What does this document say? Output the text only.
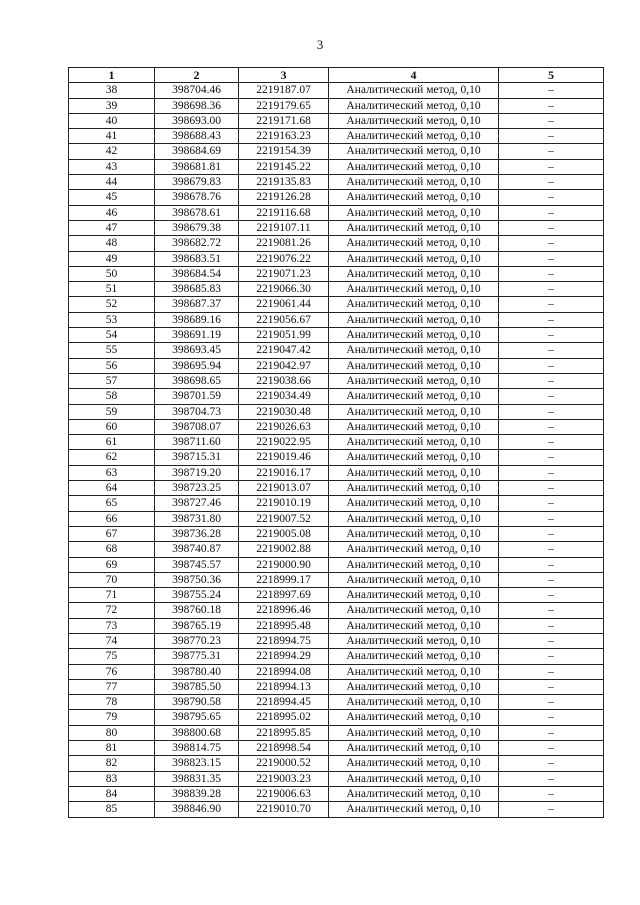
3
1	2	3	4	5
38	398704.46	2219187.07	Аналитический метод, 0,10	–
39	398698.36	2219179.65	Аналитический метод, 0,10	–
40	398693.00	2219171.68	Аналитический метод, 0,10	–
41	398688.43	2219163.23	Аналитический метод, 0,10	–
42	398684.69	2219154.39	Аналитический метод, 0,10	–
43	398681.81	2219145.22	Аналитический метод, 0,10	–
44	398679.83	2219135.83	Аналитический метод, 0,10	–
45	398678.76	2219126.28	Аналитический метод, 0,10	–
46	398678.61	2219116.68	Аналитический метод, 0,10	–
47	398679.38	2219107.11	Аналитический метод, 0,10	–
48	398682.72	2219081.26	Аналитический метод, 0,10	–
49	398683.51	2219076.22	Аналитический метод, 0,10	–
50	398684.54	2219071.23	Аналитический метод, 0,10	–
51	398685.83	2219066.30	Аналитический метод, 0,10	–
52	398687.37	2219061.44	Аналитический метод, 0,10	–
53	398689.16	2219056.67	Аналитический метод, 0,10	–
54	398691.19	2219051.99	Аналитический метод, 0,10	–
55	398693.45	2219047.42	Аналитический метод, 0,10	–
56	398695.94	2219042.97	Аналитический метод, 0,10	–
57	398698.65	2219038.66	Аналитический метод, 0,10	–
58	398701.59	2219034.49	Аналитический метод, 0,10	–
59	398704.73	2219030.48	Аналитический метод, 0,10	–
60	398708.07	2219026.63	Аналитический метод, 0,10	–
61	398711.60	2219022.95	Аналитический метод, 0,10	–
62	398715.31	2219019.46	Аналитический метод, 0,10	–
63	398719.20	2219016.17	Аналитический метод, 0,10	–
64	398723.25	2219013.07	Аналитический метод, 0,10	–
65	398727.46	2219010.19	Аналитический метод, 0,10	–
66	398731.80	2219007.52	Аналитический метод, 0,10	–
67	398736.28	2219005.08	Аналитический метод, 0,10	–
68	398740.87	2219002.88	Аналитический метод, 0,10	–
69	398745.57	2219000.90	Аналитический метод, 0,10	–
70	398750.36	2218999.17	Аналитический метод, 0,10	–
71	398755.24	2218997.69	Аналитический метод, 0,10	–
72	398760.18	2218996.46	Аналитический метод, 0,10	–
73	398765.19	2218995.48	Аналитический метод, 0,10	–
74	398770.23	2218994.75	Аналитический метод, 0,10	–
75	398775.31	2218994.29	Аналитический метод, 0,10	–
76	398780.40	2218994.08	Аналитический метод, 0,10	–
77	398785.50	2218994.13	Аналитический метод, 0,10	–
78	398790.58	2218994.45	Аналитический метод, 0,10	–
79	398795.65	2218995.02	Аналитический метод, 0,10	–
80	398800.68	2218995.85	Аналитический метод, 0,10	–
81	398814.75	2218998.54	Аналитический метод, 0,10	–
82	398823.15	2219000.52	Аналитический метод, 0,10	–
83	398831.35	2219003.23	Аналитический метод, 0,10	–
84	398839.28	2219006.63	Аналитический метод, 0,10	–
85	398846.90	2219010.70	Аналитический метод, 0,10	–
